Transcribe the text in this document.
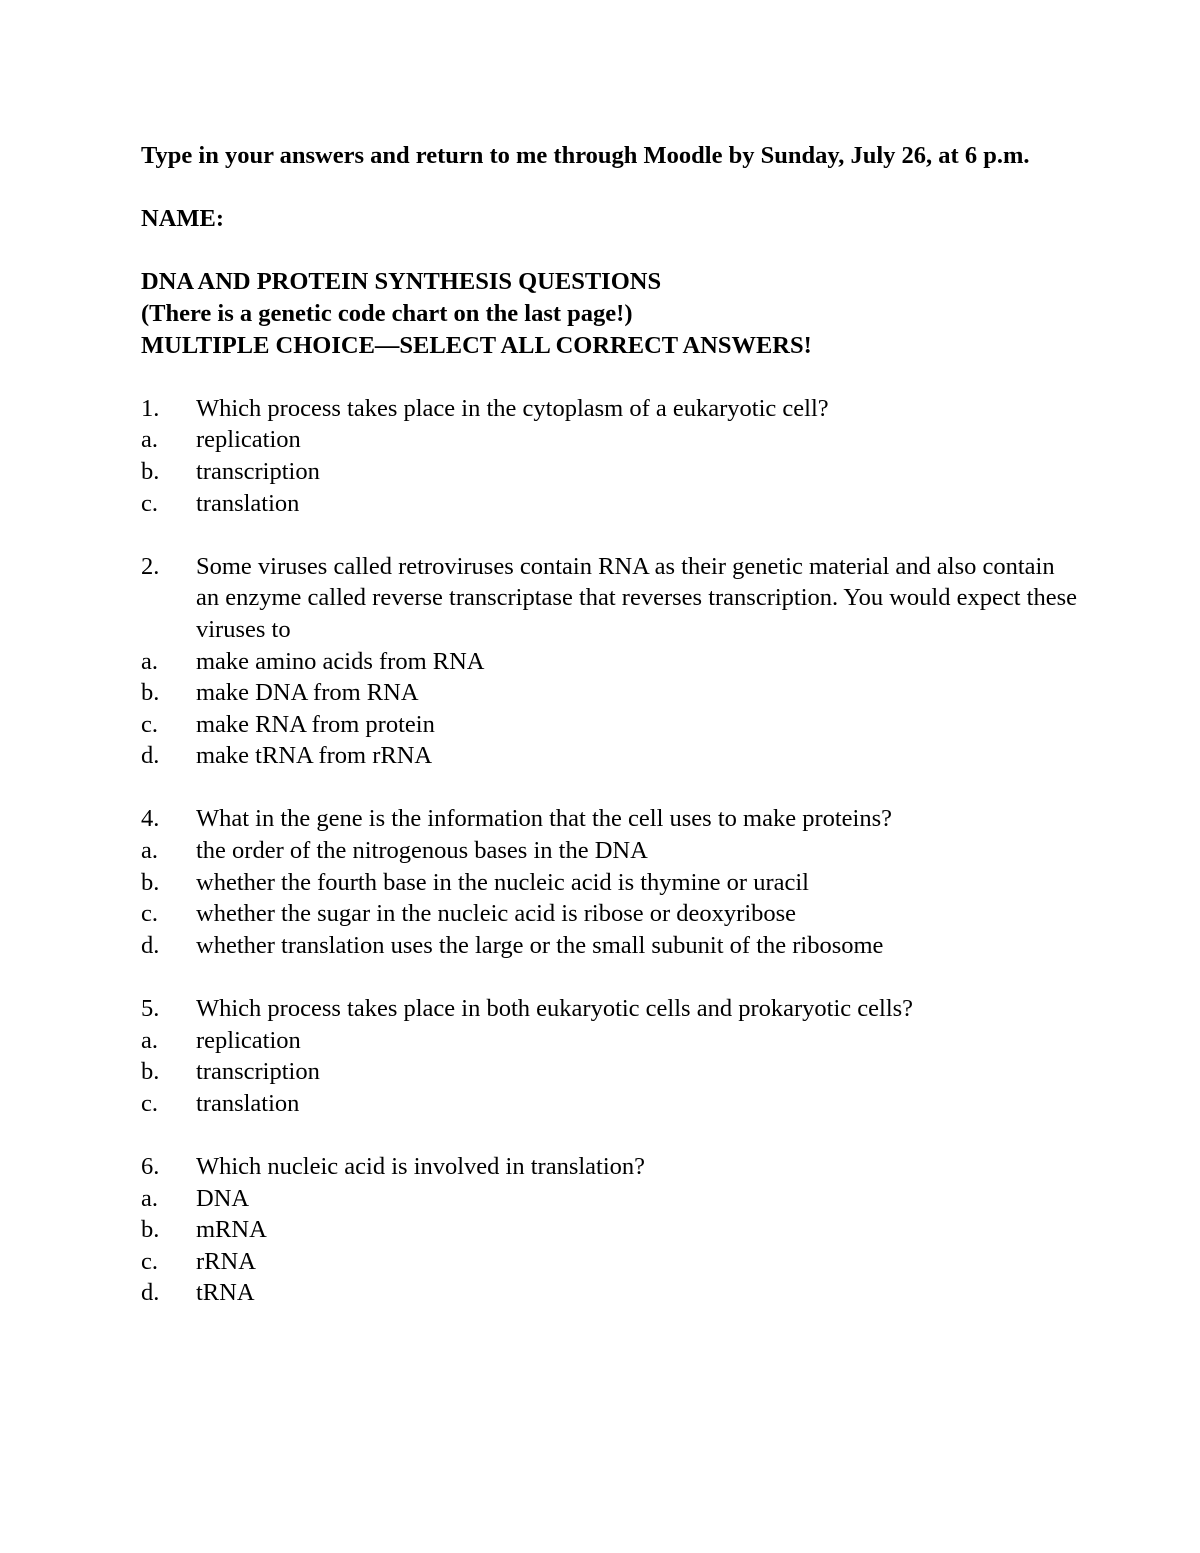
Type in your answers and return to me through Moodle by Sunday, July 26, at 6 p.m.

NAME:
DNA AND PROTEIN SYNTHESIS QUESTIONS
(There is a genetic code chart on the last page!)
MULTIPLE CHOICE—SELECT ALL CORRECT ANSWERS!
1.	Which process takes place in the cytoplasm of a eukaryotic cell?
a.	replication
b.	transcription
c.	translation
2.	Some viruses called retroviruses contain RNA as their genetic material and also contain an enzyme called reverse transcriptase that reverses transcription. You would expect these viruses to
a.	make amino acids from RNA
b.	make DNA from RNA
c.	make RNA from protein
d.	make tRNA from rRNA
4.	What in the gene is the information that the cell uses to make proteins?
a.	the order of the nitrogenous bases in the DNA
b.	whether the fourth base in the nucleic acid is thymine or uracil
c.	whether the sugar in the nucleic acid is ribose or deoxyribose
d.	whether translation uses the large or the small subunit of the ribosome
5.	Which process takes place in both eukaryotic cells and prokaryotic cells?
a.	replication
b.	transcription
c.	translation
6.	Which nucleic acid is involved in translation?
a.	DNA
b.	mRNA
c.	rRNA
d.	tRNA
